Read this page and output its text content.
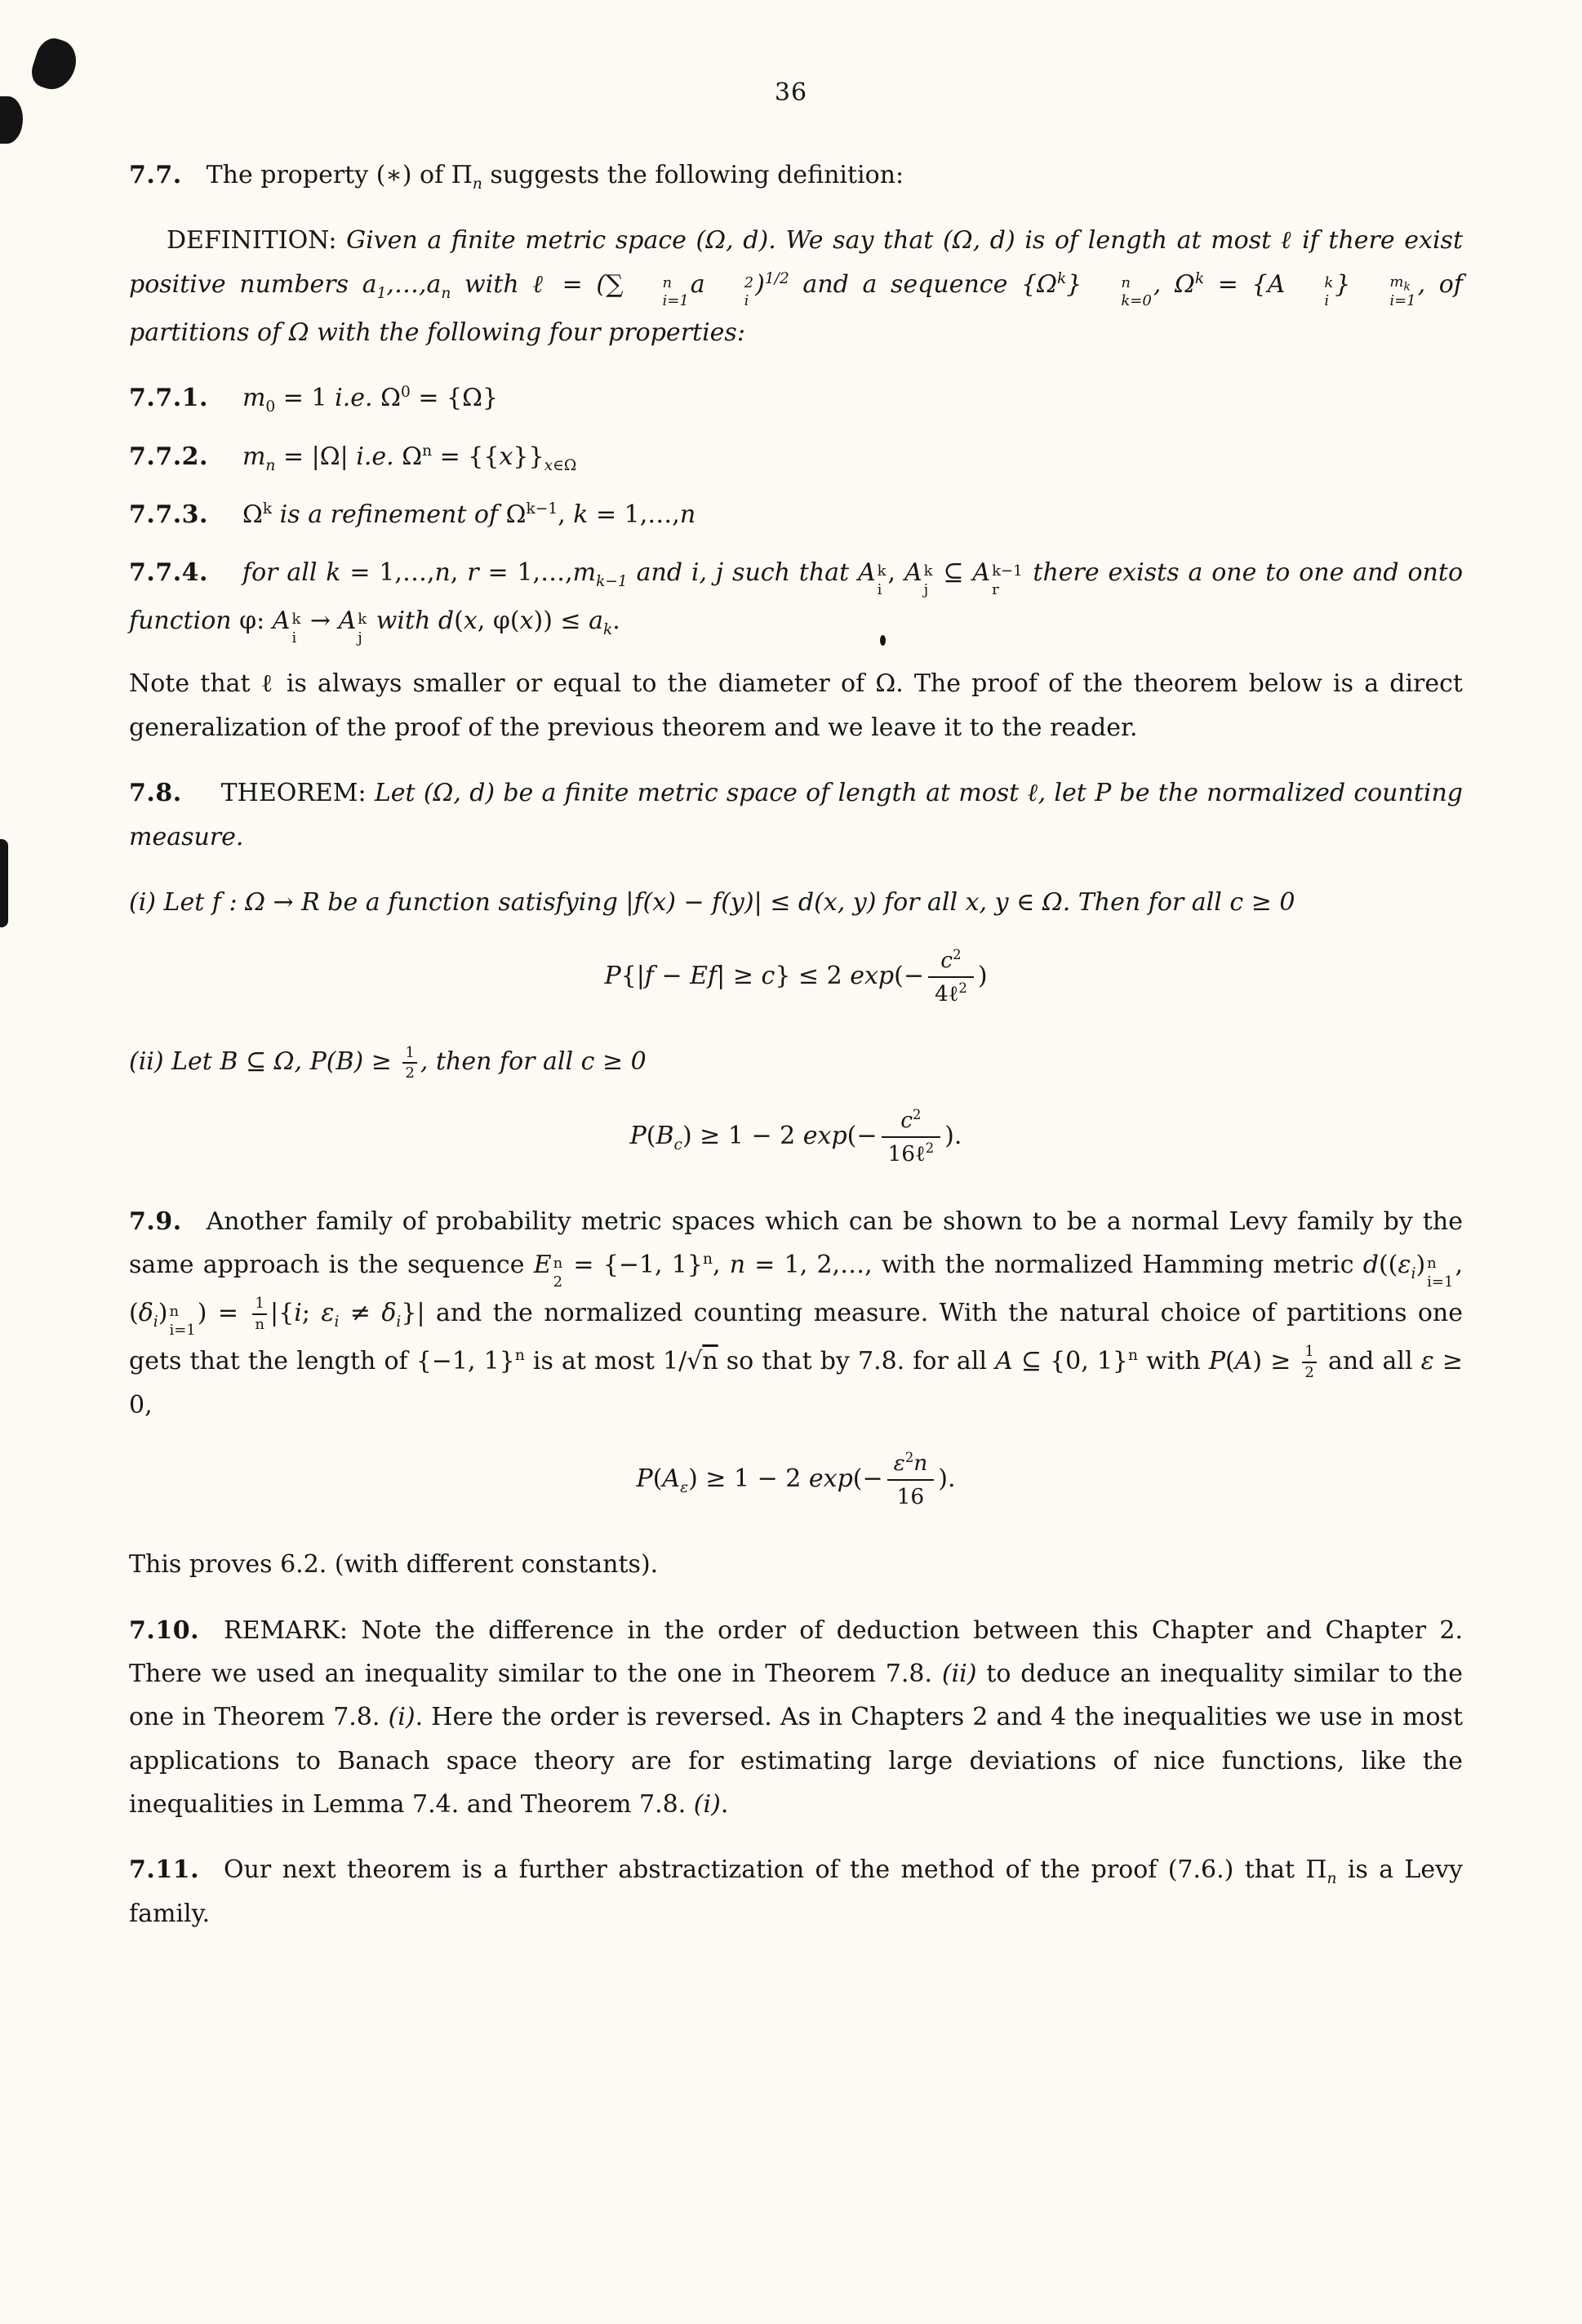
36

7.7. The property (∗) of $\Pi_n$ suggests the following definition:

DEFINITION: Given a finite metric space (Ω, d). We say that (Ω, d) is of length at most ℓ if there exist positive numbers $a_1,\dots,a_n$ with ℓ = (∑	n
i=1
a	2
i
)$^{1/2}$ and a sequence $\{\Omega^k\}$	n
k=0
, $\Omega^k = \{A$	k
i
}	$m_k$
i=1
, of partitions of Ω with the following four properties:

7.7.1. $m_0 = 1$ i.e. $\Omega^0 = \{\Omega\}$

7.7.2. $m_n = |\Omega|$ i.e. $\Omega^n = \{\{x\}\}_{x\in\Omega}$

7.7.3. $\Omega^k$ is a refinement of $\Omega^{k-1}$, k = 1,…,n

7.7.4. for all k = 1,…,n, $r = 1,\dots,m_{k-1}$ and i, j such that A k
i
, A k
j
⊆ A k−1
r
there exists a one to one and onto function φ: A k
i
→ A k
j
with d(x, $\varphi(x)) \le a_k$.

Note that ℓ is always smaller or equal to the diameter of Ω. The proof of the theorem below is a direct generalization of the proof of the previous theorem and we leave it to the reader.

7.8. THEOREM: Let (Ω, d) be a finite metric space of length at most ℓ, let P be the normalized counting measure.

(i) Let f : Ω → R be a function satisfying |f(x) − f(y)| ≤ d(x, y) for all x, y ∈ Ω. Then for all c ≥ 0

P{|f − Ef| ≥ c} ≤ 2 $\exp(- \frac{c^2}{4\ell^2}$ )

(ii) Let B ⊆ Ω, $P(B) \ge \frac{1}{2}$ , then for all c ≥ 0

$P(B_c) \ge 1 - 2$ $\exp(- \frac{c^2}{16\ell^2}$ ).

7.9. Another family of probability metric spaces which can be shown to be a normal Levy family by the same approach is the sequence E n
2
= {−1, 1}$^n$, n = 1, 2,…, with the normalized Hamming metric $d((\varepsilon_i)$ n
i=1
, $(\delta_i)$ n
i=1
) = $\frac{1}{n} |\{i$; $\varepsilon_i \ne \delta_i\}|$ and the normalized counting measure. With the natural choice of partitions one gets that the length of {−1, 1}$^n$ is at most 1/√n so that by 7.8. for all A ⊆ {0, 1}$^n$ with $P(A) \ge \frac{1}{2}$ and all ε ≥ 0,

$P(A_\varepsilon) \ge 1 - 2$ $\exp(- \frac{\varepsilon^2n}{16}$ ).

This proves 6.2. (with different constants).

7.10. REMARK: Note the difference in the order of deduction between this Chapter and Chapter 2. There we used an inequality similar to the one in Theorem 7.8. (ii) to deduce an inequality similar to the one in Theorem 7.8. (i). Here the order is reversed. As in Chapters 2 and 4 the inequalities we use in most applications to Banach space theory are for estimating large deviations of nice functions, like the inequalities in Lemma 7.4. and Theorem 7.8. (i).

7.11. Our next theorem is a further abstractization of the method of the proof (7.6.) that $\Pi_n$ is a Levy family.
